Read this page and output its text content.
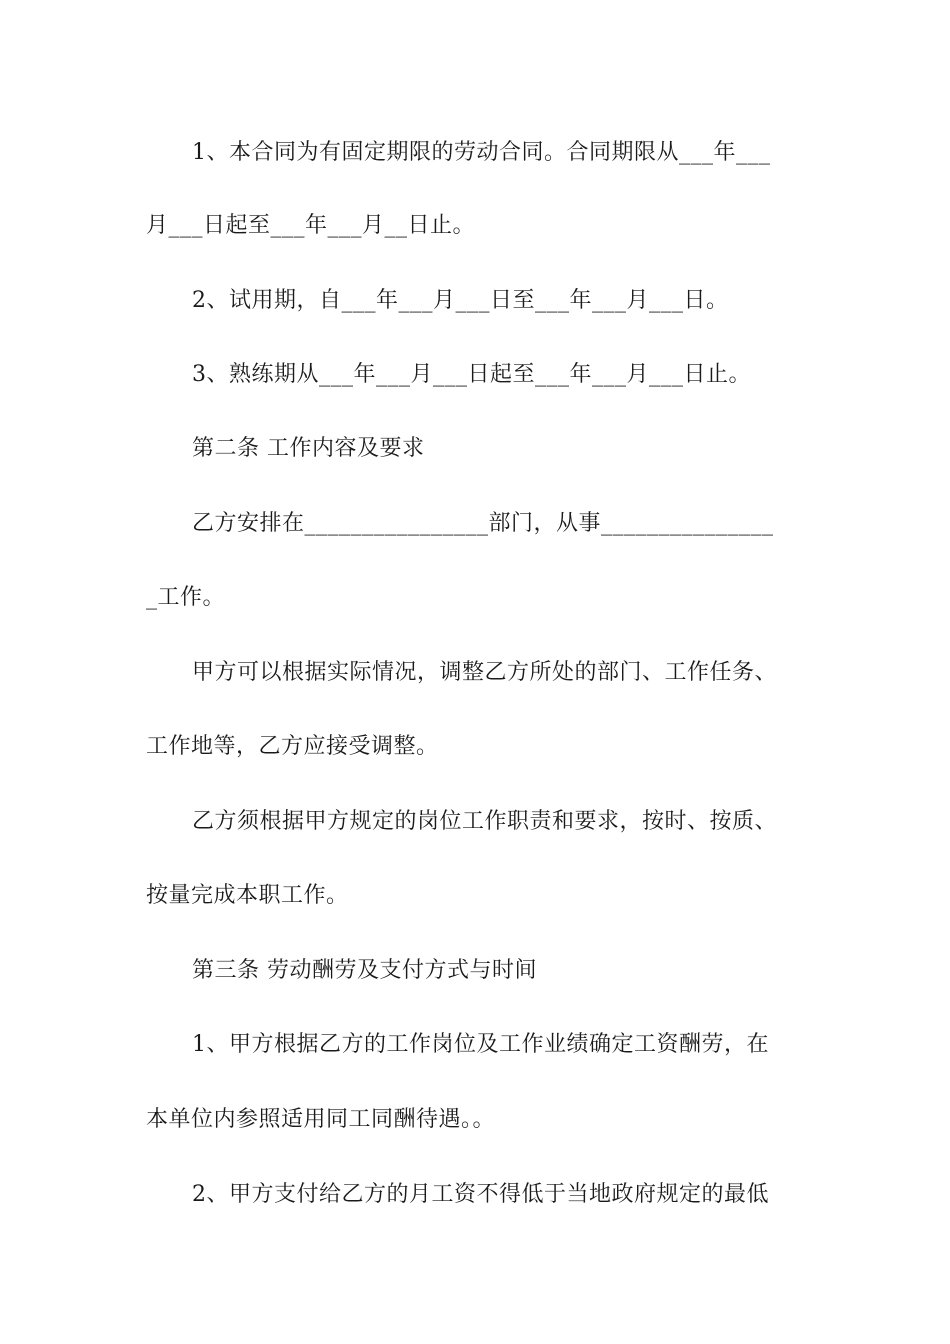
1、本合同为有固定期限的劳动合同。合同期限从___年___
月___日起至___年___月__日止。
2、试用期，自___年___月___日至___年___月___日。
3、熟练期从___年___月___日起至___年___月___日止。
第二条 工作内容及要求
乙方安排在________________部门，从事_______________
_工作。
甲方可以根据实际情况，调整乙方所处的部门、工作任务、
工作地等，乙方应接受调整。
乙方须根据甲方规定的岗位工作职责和要求，按时、按质、
按量完成本职工作。
第三条 劳动酬劳及支付方式与时间
1、甲方根据乙方的工作岗位及工作业绩确定工资酬劳，在
本单位内参照适用同工同酬待遇。。
2、甲方支付给乙方的月工资不得低于当地政府规定的最低
